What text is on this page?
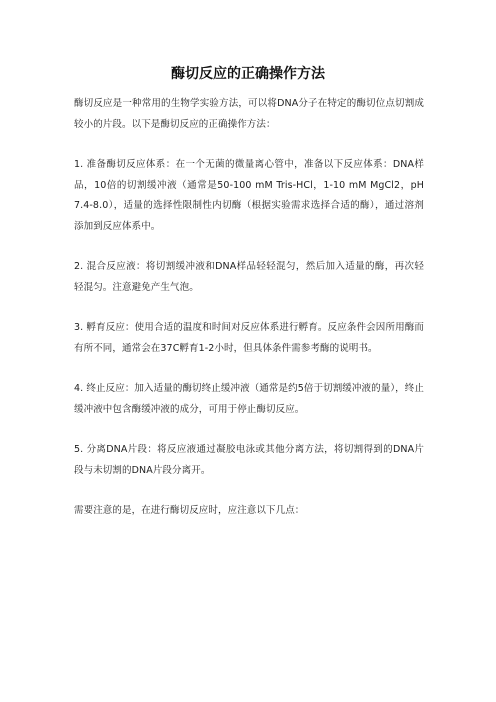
酶切反应的正确操作方法

酶切反应是一种常用的生物学实验方法，可以将DNA分子在特定的酶切位点切割成较小的片段。以下是酶切反应的正确操作方法：

1. 准备酶切反应体系：在一个无菌的微量离心管中，准备以下反应体系：DNA样品，10倍的切割缓冲液（通常是50-100 mM Tris-HCl，1-10 mM MgCl2，pH 7.4-8.0），适量的选择性限制性内切酶（根据实验需求选择合适的酶），通过溶剂添加到反应体系中。

2. 混合反应液：将切割缓冲液和DNA样品轻轻混匀，然后加入适量的酶，再次轻轻混匀。注意避免产生气泡。

3. 孵育反应：使用合适的温度和时间对反应体系进行孵育。反应条件会因所用酶而有所不同，通常会在37C孵育1-2小时，但具体条件需参考酶的说明书。

4. 终止反应：加入适量的酶切终止缓冲液（通常是约5倍于切割缓冲液的量），终止缓冲液中包含酶缓冲液的成分，可用于停止酶切反应。

5. 分离DNA片段：将反应液通过凝胶电泳或其他分离方法，将切割得到的DNA片段与未切割的DNA片段分离开。

需要注意的是，在进行酶切反应时，应注意以下几点：
